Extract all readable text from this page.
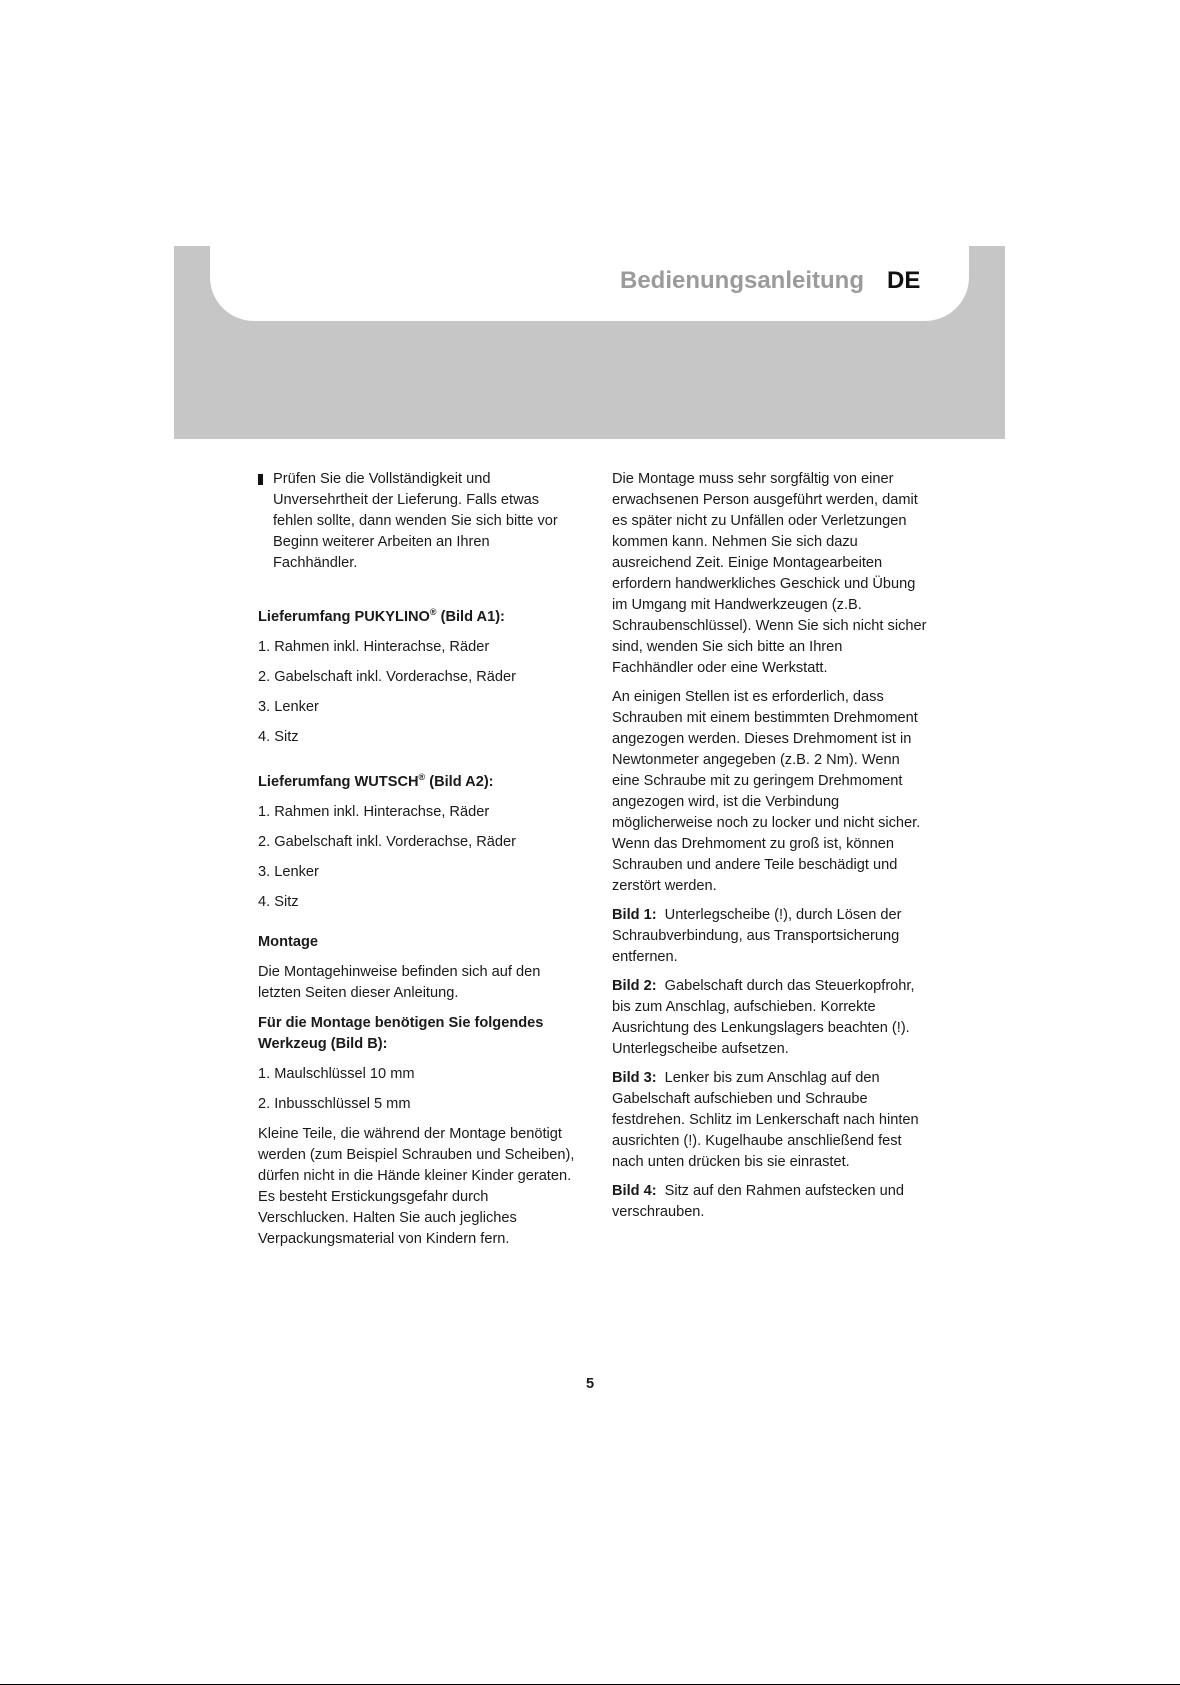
Bedienungsanleitung DE

Prüfen Sie die Vollständigkeit und Unversehrtheit der Lieferung. Falls etwas fehlen sollte, dann wenden Sie sich bitte vor Beginn weiterer Arbeiten an Ihren Fachhändler.

Lieferumfang PUKYLINO® (Bild A1):

1. Rahmen inkl. Hinterachse, Räder
2. Gabelschaft inkl. Vorderachse, Räder
3. Lenker
4. Sitz

Lieferumfang WUTSCH® (Bild A2):

1. Rahmen inkl. Hinterachse, Räder
2. Gabelschaft inkl. Vorderachse, Räder
3. Lenker
4. Sitz

Montage

Die Montagehinweise befinden sich auf den letzten Seiten dieser Anleitung.

Für die Montage benötigen Sie folgendes Werkzeug (Bild B):

1. Maulschlüssel 10 mm
2. Inbusschlüssel 5 mm

Kleine Teile, die während der Montage benötigt werden (zum Beispiel Schrauben und Scheiben), dürfen nicht in die Hände kleiner Kinder geraten. Es besteht Erstickungsgefahr durch Verschlucken. Halten Sie auch jegliches Verpackungsmaterial von Kindern fern.

Die Montage muss sehr sorgfältig von einer erwachsenen Person ausgeführt werden, damit es später nicht zu Unfällen oder Verletzungen kommen kann. Nehmen Sie sich dazu ausreichend Zeit. Einige Montagearbeiten erfordern handwerkliches Geschick und Übung im Umgang mit Handwerkzeugen (z.B. Schraubenschlüssel). Wenn Sie sich nicht sicher sind, wenden Sie sich bitte an Ihren Fachhändler oder eine Werkstatt.

An einigen Stellen ist es erforderlich, dass Schrauben mit einem bestimmten Drehmoment angezogen werden. Dieses Drehmoment ist in Newtonmeter angegeben (z.B. 2 Nm). Wenn eine Schraube mit zu geringem Drehmoment angezogen wird, ist die Verbindung möglicherweise noch zu locker und nicht sicher. Wenn das Drehmoment zu groß ist, können Schrauben und andere Teile beschädigt und zerstört werden.

Bild 1: Unterlegscheibe (!), durch Lösen der Schraubverbindung, aus Transportsicherung entfernen.

Bild 2: Gabelschaft durch das Steuerkopfrohr, bis zum Anschlag, aufschieben. Korrekte Ausrichtung des Lenkungslagers beachten (!). Unterlegscheibe aufsetzen.

Bild 3: Lenker bis zum Anschlag auf den Gabelschaft aufschieben und Schraube festdrehen. Schlitz im Lenkerschaft nach hinten ausrichten (!). Kugelhaube anschließend fest nach unten drücken bis sie einrastet.

Bild 4: Sitz auf den Rahmen aufstecken und verschrauben.

5
